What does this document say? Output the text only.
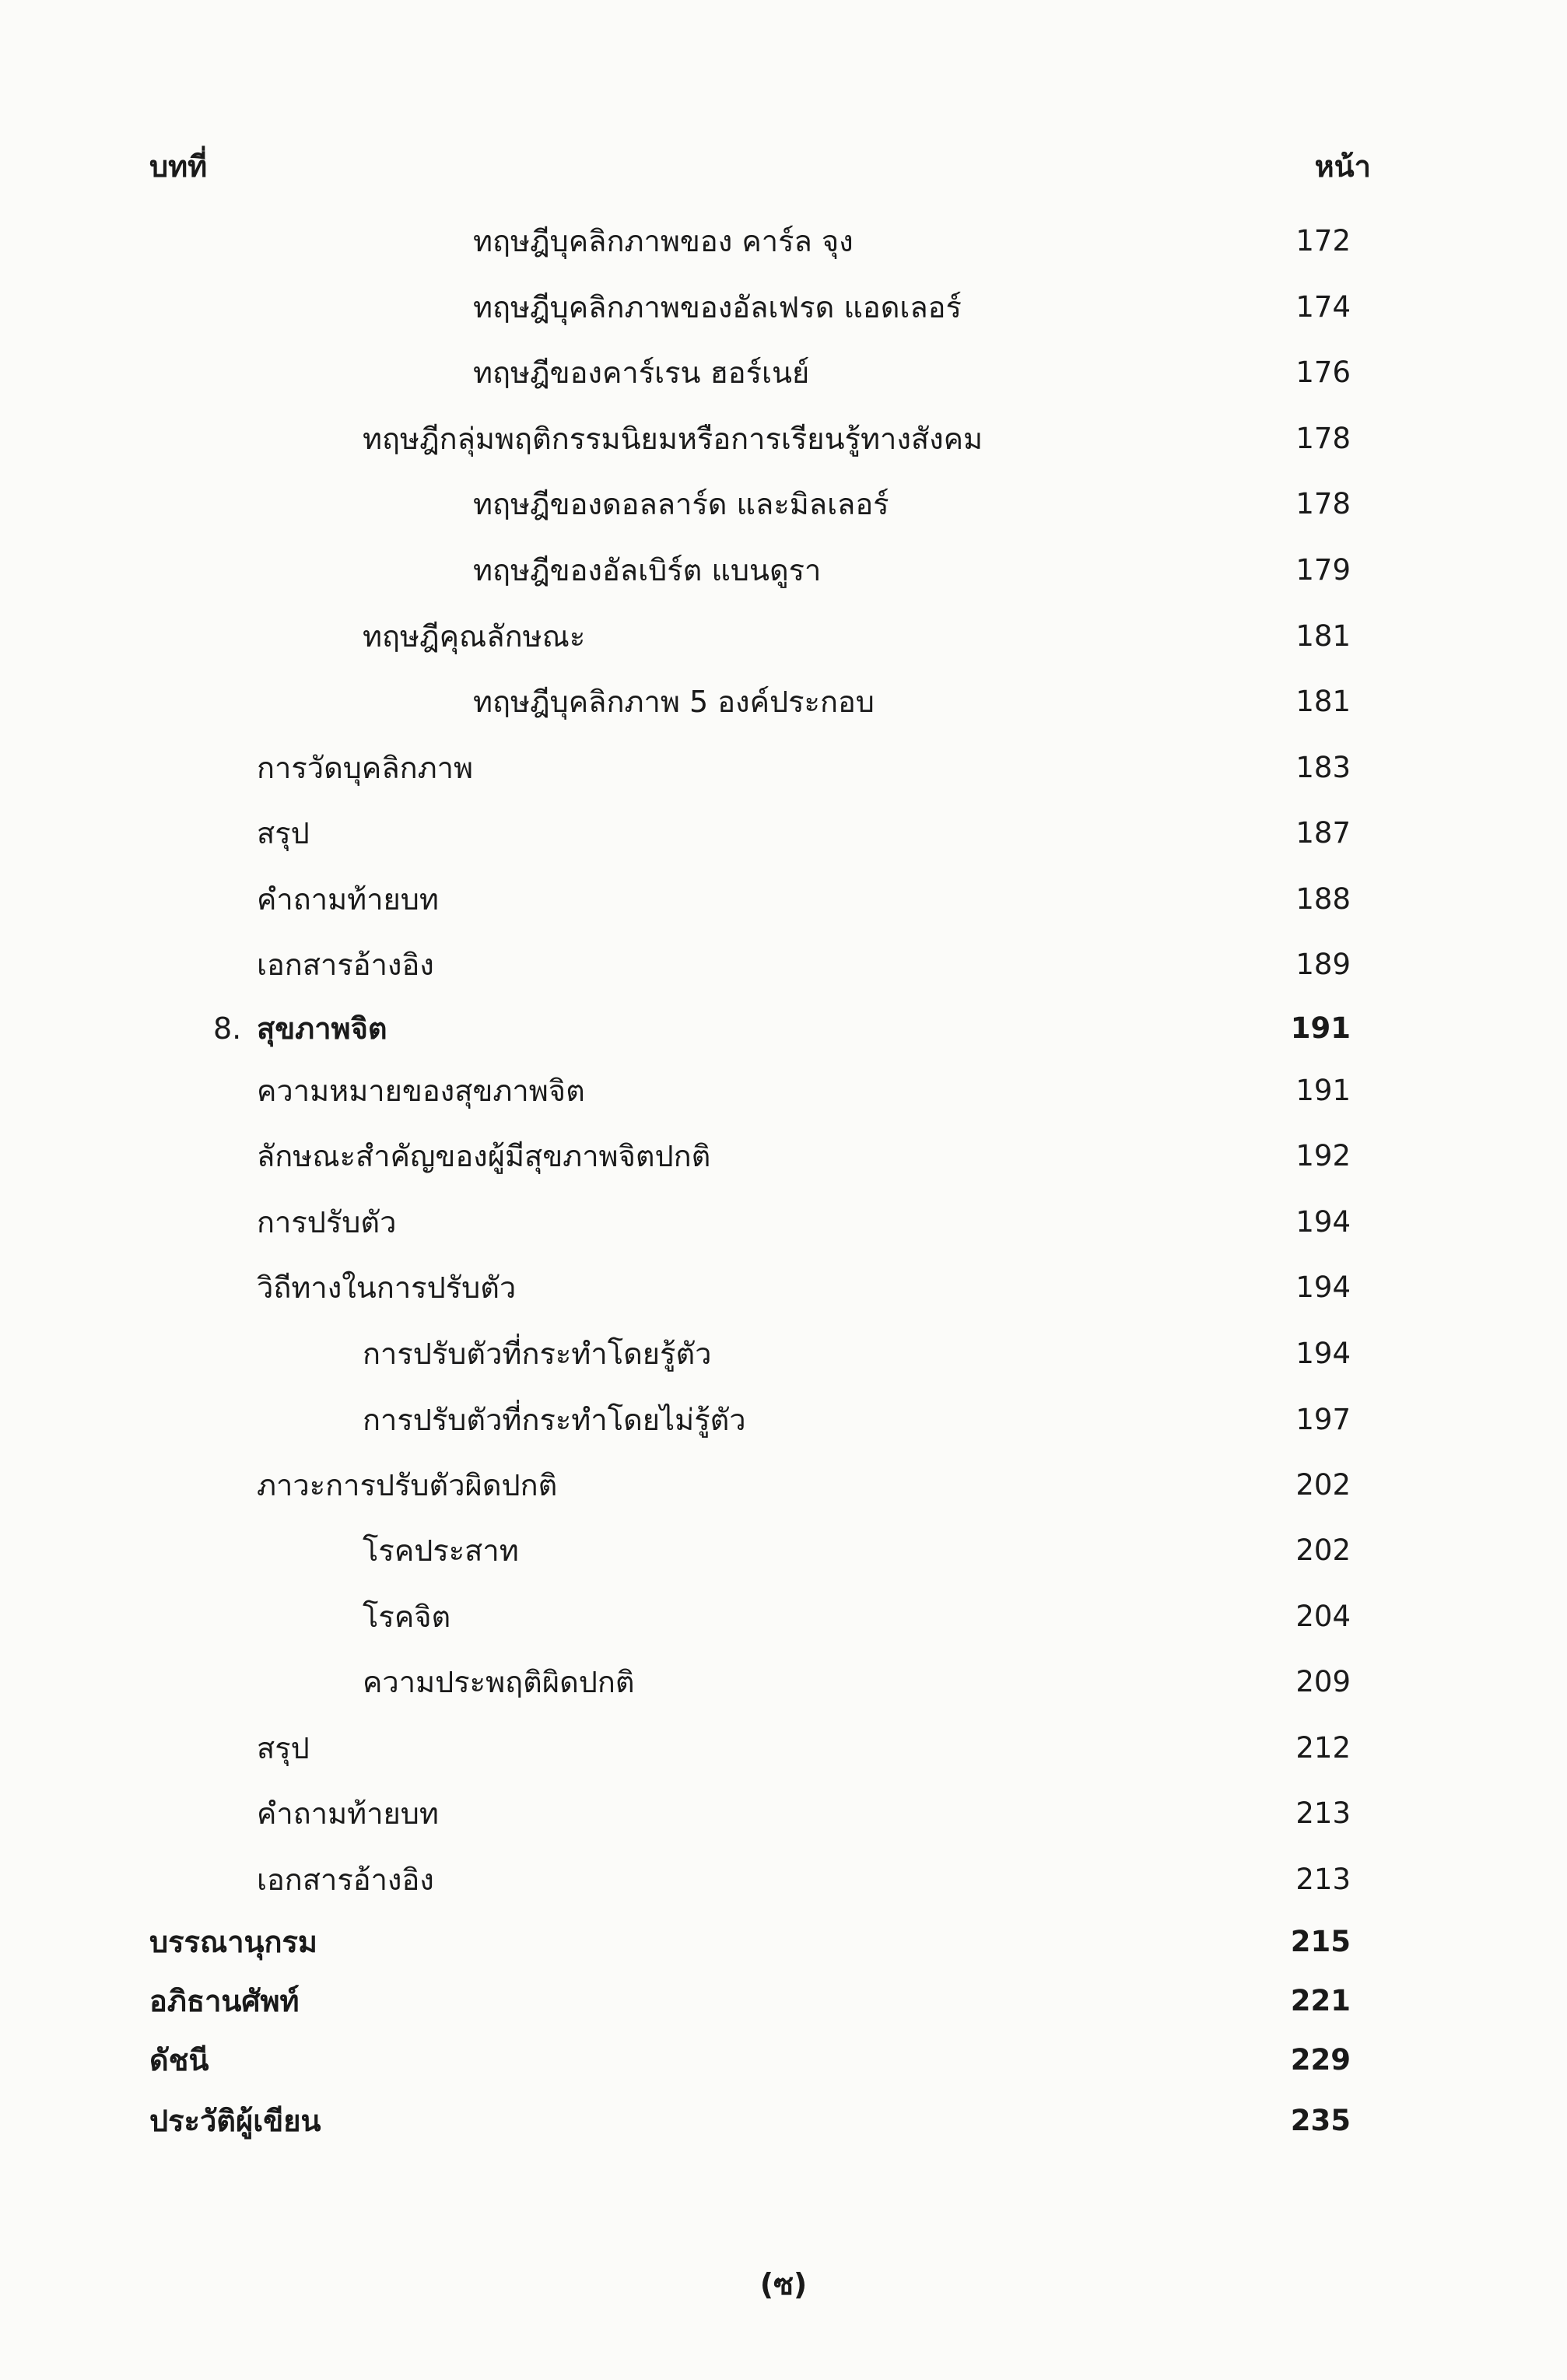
บทที่	หน้า
ทฤษฎีบุคลิกภาพของ คาร์ล จุง	172
ทฤษฎีบุคลิกภาพของอัลเฟรด แอดเลอร์	174
ทฤษฎีของคาร์เรน ฮอร์เนย์	176
ทฤษฎีกลุ่มพฤติกรรมนิยมหรือการเรียนรู้ทางสังคม	178
ทฤษฎีของดอลลาร์ด และมิลเลอร์	178
ทฤษฎีของอัลเบิร์ต แบนดูรา	179
ทฤษฎีคุณลักษณะ	181
ทฤษฎีบุคลิกภาพ 5 องค์ประกอบ	181
การวัดบุคลิกภาพ	183
สรุป	187
คำถามท้ายบท	188
เอกสารอ้างอิง	189
8. สุขภาพจิต	191
ความหมายของสุขภาพจิต	191
ลักษณะสำคัญของผู้มีสุขภาพจิตปกติ	192
การปรับตัว	194
วิถีทางในการปรับตัว	194
การปรับตัวที่กระทำโดยรู้ตัว	194
การปรับตัวที่กระทำโดยไม่รู้ตัว	197
ภาวะการปรับตัวผิดปกติ	202
โรคประสาท	202
โรคจิต	204
ความประพฤติผิดปกติ	209
สรุป	212
คำถามท้ายบท	213
เอกสารอ้างอิง	213
บรรณานุกรม	215
อภิธานศัพท์	221
ดัชนี	229
ประวัติผู้เขียน	235
(ซ)
